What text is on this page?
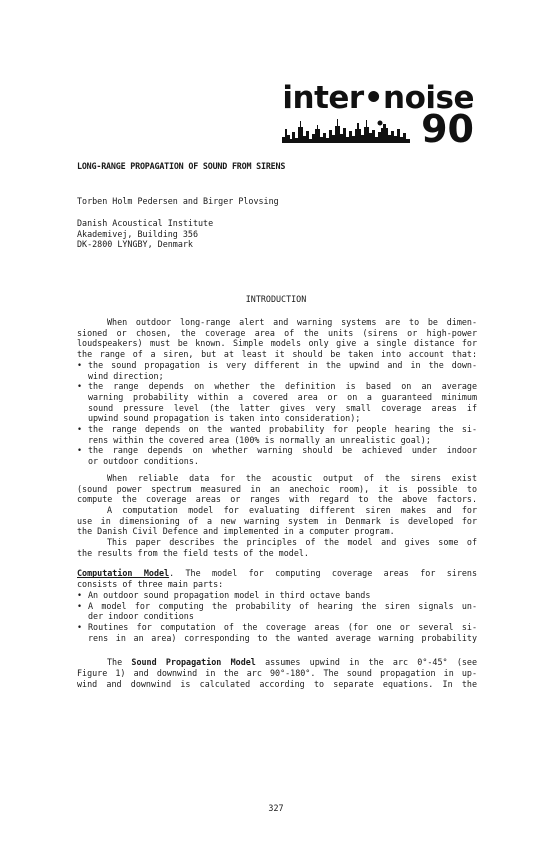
inter•noise
90
LONG-RANGE PROPAGATION OF SOUND FROM SIRENS

Torben Holm Pedersen and Birger Plovsing

Danish Acoustical Institute

Akademivej, Building 356

DK-2800 LYNGBY, Denmark

INTRODUCTION

When outdoor long-range alert and warning systems are to be dimen-

sioned or chosen, the coverage area of the units (sirens or high-power

loudspeakers) must be known. Simple models only give a single distance for

the range of a siren, but at least it should be taken into account that:

• the sound propagation is very different in the upwind and in the down-

wind direction;

• the range depends on whether the definition is based on an average

warning probability within a covered area or on a guaranteed minimum

sound pressure level (the latter gives very small coverage areas if

upwind sound propagation is taken into consideration);

• the range depends on the wanted probability for people hearing the si-

rens within the covered area (100% is normally an unrealistic goal);

• the range depends on whether warning should be achieved under indoor

or outdoor conditions.

When reliable data for the acoustic output of the sirens exist

(sound power spectrum measured in an anechoic room), it is possible to

compute the coverage areas or ranges with regard to the above factors.

A computation model for evaluating different siren makes and for

use in dimensioning of a new warning system in Denmark is developed for

the Danish Civil Defence and implemented in a computer program.

This paper describes the principles of the model and gives some of

the results from the field tests of the model.

Computation Model. The model for computing coverage areas for sirens

consists of three main parts:

• An outdoor sound propagation model in third octave bands

• A model for computing the probability of hearing the siren signals un-

der indoor conditions

• Routines for computation of the coverage areas (for one or several si-

rens in an area) corresponding to the wanted average warning probability

The Sound Propagation Model assumes upwind in the arc 0°-45° (see

Figure 1) and downwind in the arc 90°-180°. The sound propagation in up-

wind and downwind is calculated according to separate equations. In the

327
